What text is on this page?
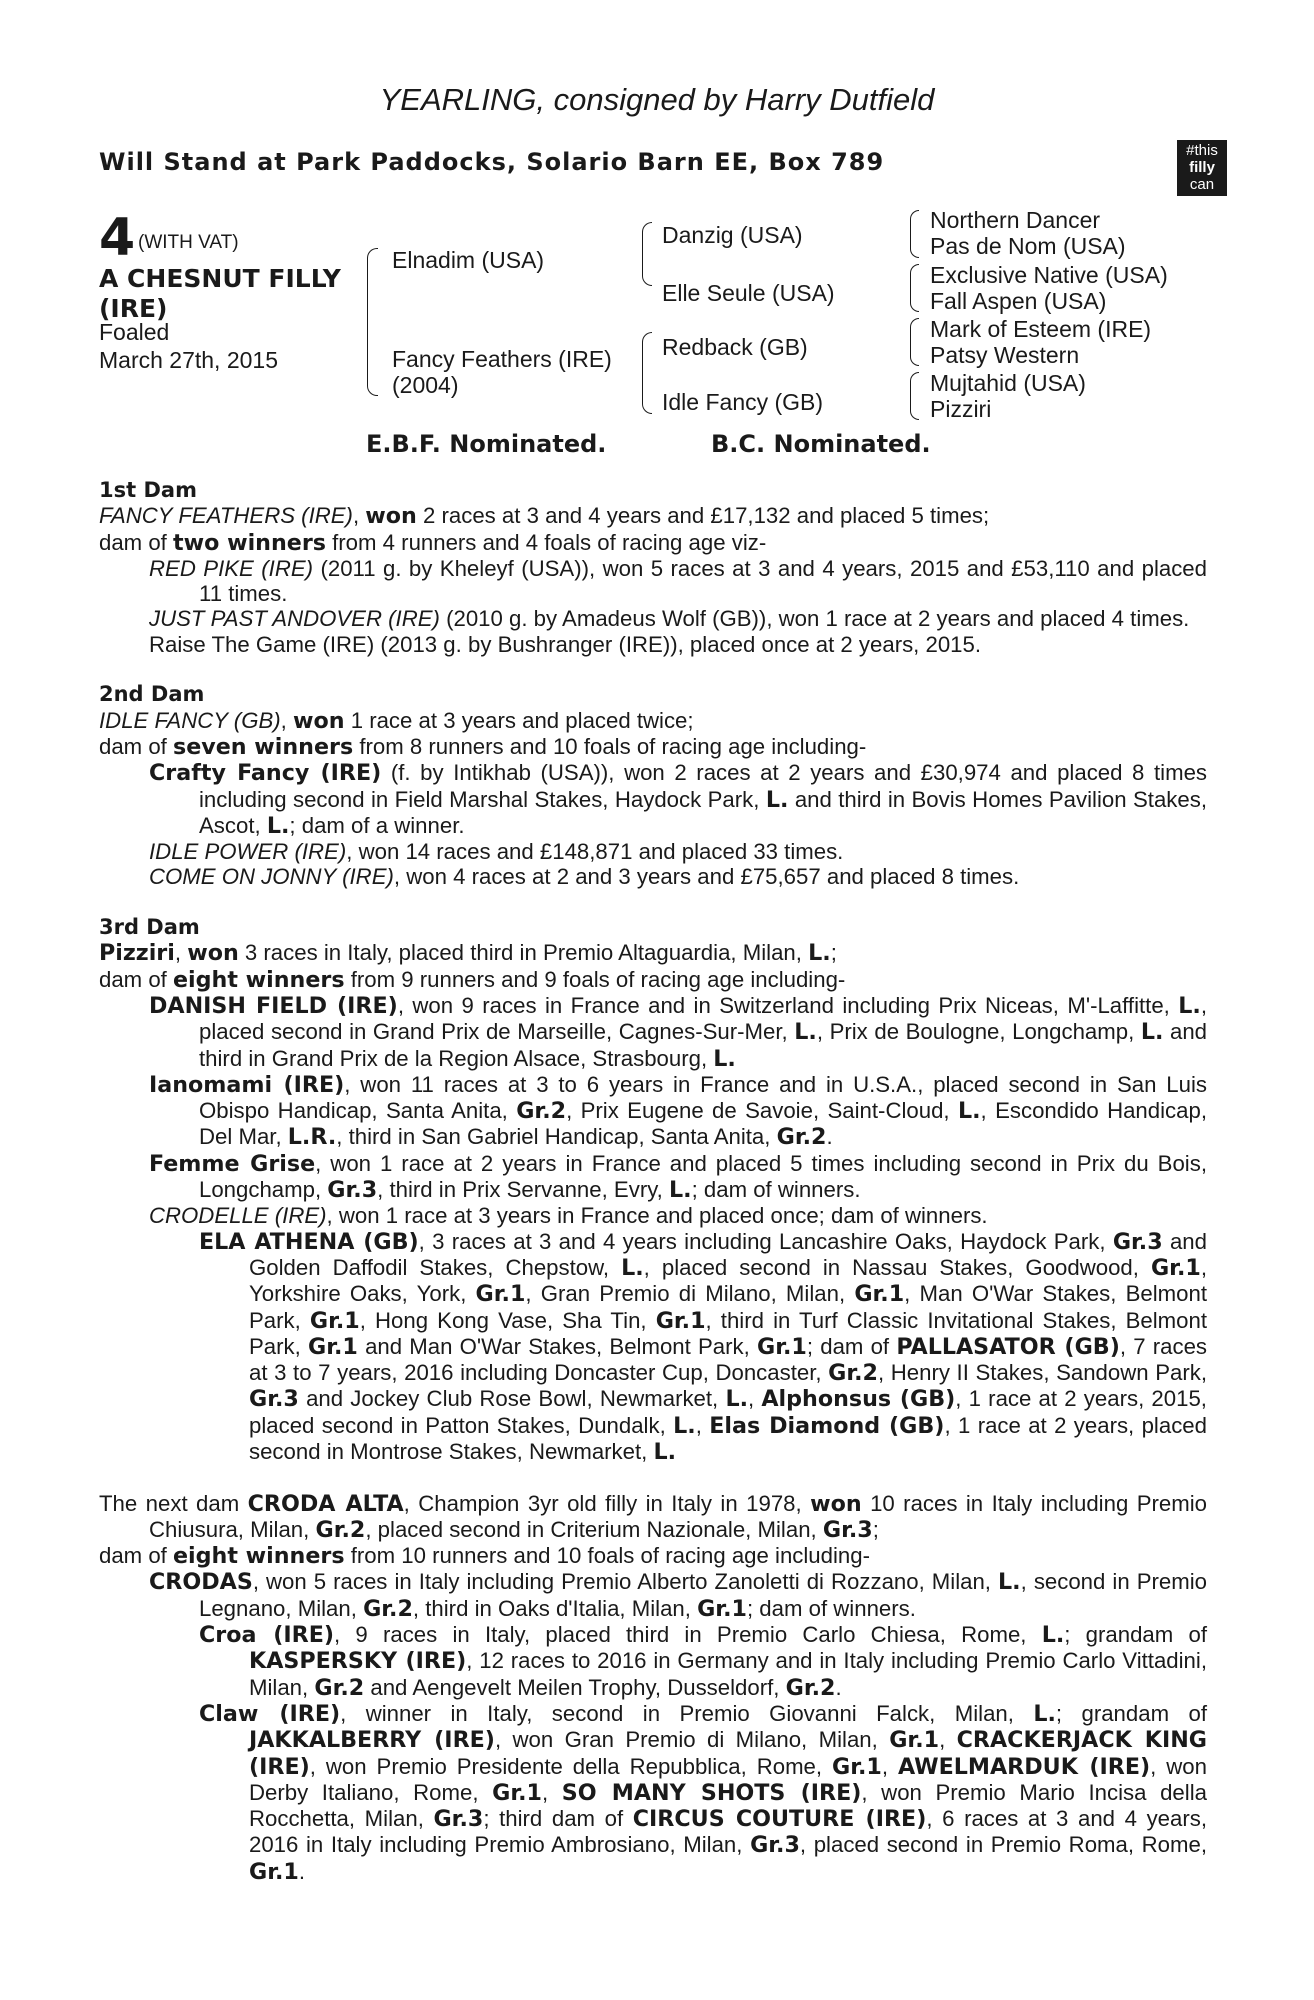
YEARLING, consigned by Harry Dutfield
Will Stand at Park Paddocks, Solario Barn EE, Box 789	#this
filly
can
4 (WITH VAT)
A CHESNUT FILLY (IRE)
Foaled
March 27th, 2015
Elnadim (USA)
Fancy Feathers (IRE)
(2004)
Danzig (USA)
Elle Seule (USA)
Redback (GB)
Idle Fancy (GB)
Northern Dancer
Pas de Nom (USA)
Exclusive Native (USA)
Fall Aspen (USA)
Mark of Esteem (IRE)
Patsy Western
Mujtahid (USA)
Pizziri
E.B.F. Nominated.	B.C. Nominated.

1st Dam

FANCY FEATHERS (IRE), won 2 races at 3 and 4 years and £17,132 and placed 5 times;

dam of two winners from 4 runners and 4 foals of racing age viz-

RED PIKE (IRE) (2011 g. by Kheleyf (USA)), won 5 races at 3 and 4 years, 2015 and £53,110 and placed 11 times.

JUST PAST ANDOVER (IRE) (2010 g. by Amadeus Wolf (GB)), won 1 race at 2 years and placed 4 times.

Raise The Game (IRE) (2013 g. by Bushranger (IRE)), placed once at 2 years, 2015.

2nd Dam

IDLE FANCY (GB), won 1 race at 3 years and placed twice;

dam of seven winners from 8 runners and 10 foals of racing age including-

Crafty Fancy (IRE) (f. by Intikhab (USA)), won 2 races at 2 years and £30,974 and placed 8 times including second in Field Marshal Stakes, Haydock Park, L. and third in Bovis Homes Pavilion Stakes, Ascot, L.; dam of a winner.

IDLE POWER (IRE), won 14 races and £148,871 and placed 33 times.

COME ON JONNY (IRE), won 4 races at 2 and 3 years and £75,657 and placed 8 times.

3rd Dam

Pizziri, won 3 races in Italy, placed third in Premio Altaguardia, Milan, L.;

dam of eight winners from 9 runners and 9 foals of racing age including-

DANISH FIELD (IRE), won 9 races in France and in Switzerland including Prix Niceas, M'-Laffitte, L., placed second in Grand Prix de Marseille, Cagnes-Sur-Mer, L., Prix de Boulogne, Longchamp, L. and third in Grand Prix de la Region Alsace, Strasbourg, L.

Ianomami (IRE), won 11 races at 3 to 6 years in France and in U.S.A., placed second in San Luis Obispo Handicap, Santa Anita, Gr.2, Prix Eugene de Savoie, Saint-Cloud, L., Escondido Handicap, Del Mar, L.R., third in San Gabriel Handicap, Santa Anita, Gr.2.

Femme Grise, won 1 race at 2 years in France and placed 5 times including second in Prix du Bois, Longchamp, Gr.3, third in Prix Servanne, Evry, L.; dam of winners.

CRODELLE (IRE), won 1 race at 3 years in France and placed once; dam of winners.

ELA ATHENA (GB), 3 races at 3 and 4 years including Lancashire Oaks, Haydock Park, Gr.3 and Golden Daffodil Stakes, Chepstow, L., placed second in Nassau Stakes, Goodwood, Gr.1, Yorkshire Oaks, York, Gr.1, Gran Premio di Milano, Milan, Gr.1, Man O'War Stakes, Belmont Park, Gr.1, Hong Kong Vase, Sha Tin, Gr.1, third in Turf Classic Invitational Stakes, Belmont Park, Gr.1 and Man O'War Stakes, Belmont Park, Gr.1; dam of PALLASATOR (GB), 7 races at 3 to 7 years, 2016 including Doncaster Cup, Doncaster, Gr.2, Henry II Stakes, Sandown Park, Gr.3 and Jockey Club Rose Bowl, Newmarket, L., Alphonsus (GB), 1 race at 2 years, 2015, placed second in Patton Stakes, Dundalk, L., Elas Diamond (GB), 1 race at 2 years, placed second in Montrose Stakes, Newmarket, L.

The next dam CRODA ALTA, Champion 3yr old filly in Italy in 1978, won 10 races in Italy including Premio Chiusura, Milan, Gr.2, placed second in Criterium Nazionale, Milan, Gr.3;

dam of eight winners from 10 runners and 10 foals of racing age including-

CRODAS, won 5 races in Italy including Premio Alberto Zanoletti di Rozzano, Milan, L., second in Premio Legnano, Milan, Gr.2, third in Oaks d'Italia, Milan, Gr.1; dam of winners.

Croa (IRE), 9 races in Italy, placed third in Premio Carlo Chiesa, Rome, L.; grandam of KASPERSKY (IRE), 12 races to 2016 in Germany and in Italy including Premio Carlo Vittadini, Milan, Gr.2 and Aengevelt Meilen Trophy, Dusseldorf, Gr.2.

Claw (IRE), winner in Italy, second in Premio Giovanni Falck, Milan, L.; grandam of JAKKALBERRY (IRE), won Gran Premio di Milano, Milan, Gr.1, CRACKERJACK KING (IRE), won Premio Presidente della Repubblica, Rome, Gr.1, AWELMARDUK (IRE), won Derby Italiano, Rome, Gr.1, SO MANY SHOTS (IRE), won Premio Mario Incisa della Rocchetta, Milan, Gr.3; third dam of CIRCUS COUTURE (IRE), 6 races at 3 and 4 years, 2016 in Italy including Premio Ambrosiano, Milan, Gr.3, placed second in Premio Roma, Rome, Gr.1.
